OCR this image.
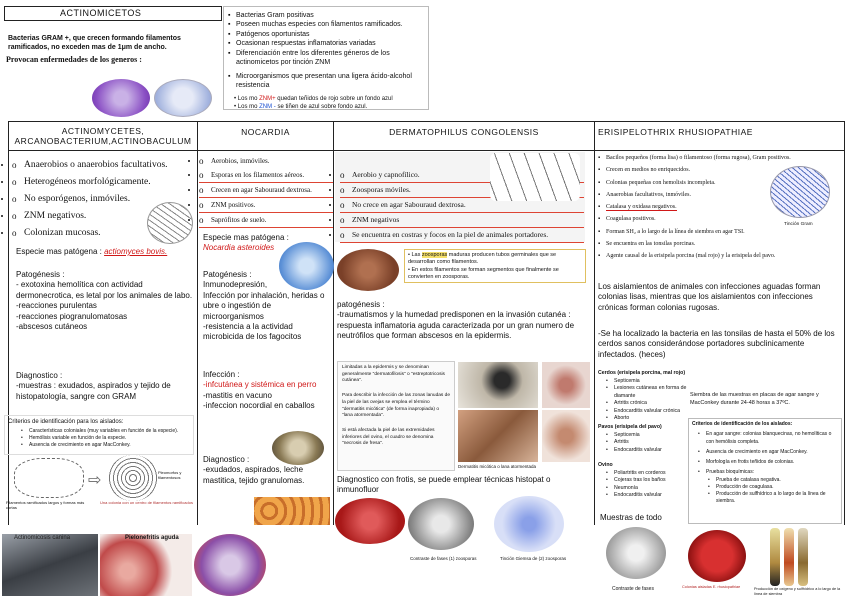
ACTINOMICETOS
Bacterias GRAM +, que crecen formando filamentos ramificados, no exceden mas de 1μm de ancho.
Provocan enfermedades de los generos :
▪ Bacterias Gram positivas
▪ Poseen muchas especies con filamentos ramificados.
▪ Patógenos oportunistas
▪ Ocasionan respuestas inflamatorias variadas
▪ Diferenciación entre los diferentes géneros de los actinomicetos por tinción ZNM
▪ Microorganismos que presentan una ligera ácido-alcohol resistencia
• Los mo ZNM+ quedan teñidos de rojo sobre un fondo azul
• Los mo ZNM - se tiñen de azul sobre fondo azul.
ACTINOMYCETES, ARCANOBACTERIUM,ACTINOBACULUM
NOCARDIA	DERMATOPHILUS CONGOLENSIS	ERISIPELOTHRIX RHUSIOPATHIAE
o • Anaerobios o anaerobios facultativos.
o • Heterogéneos morfológicamente.
o • No esporógenos, inmóviles.
o • ZNM negativos.
o • Colonizan mucosas.
Especie mas patógena : actiomyces bovis.
Patogénesis :
- exotoxina hemolítica con actividad dermonecrotica, es letal por los animales de labo.
-reacciones purulentas
-reacciones piogranulomatosas
-abscesos cutáneos
Diagnostico :
-muestras : exudados, aspirados y tejido de histopatología, sangre con GRAM
Criterios de identificación para los aislados:
• Características coloniales (muy variables en función de la especie).
• Hemólisis variable en función de la especie.
• Ausencia de crecimiento en agar MacConkey.
⇨	Pleomorfos y filamentosos
Filamentos ramificados largos y formas más cortas
Una colonia con un centro de filamentos ramificados
Actinomicosis canina	Pielonefritis aguda
o • Aerobios, inmóviles.
o • Esporas en los filamentos aéreos.
o • Crecen en agar Sabouraud dextrosa.
o • ZNM positivos.
o • Saprófitos de suelo.
Especie mas patógena :
Nocardia asteroides
Patogénesis :
Inmunodepresión,
Infección por inhalación, heridas o ubre o ingestión de microorganismos
-resistencia a la actividad microbicida de los fagocitos
Infección :
-infcutánea y sistémica en perro
-mastitis en vacuno
-infeccion nocordial en caballos
Diagnostico :
-exudados, aspirados, leche mastitica, tejido granulomas.
o • Aerobio y capnofílico.
o • Zoosporas móviles.
o • No crece en agar Sabouraud dextrosa.
o • ZNM negativos
o • Se encuentra en costras y focos en la piel de animales portadores.
• Las zoosporas maduras producen tubos germinales que se desarrollan como filamentos.
• En estos filamentos se forman segmentos que finalmente se convierten en zoosporas.
patogénesis :
-traumatismos y la humedad predisponen en la invasión cutanéa : respuesta inflamatoria aguda caracterizada por un gran numero de neutrófilos que forman abscesos en la epidermis.
Limitadas a la epidermis y se denominan generalmente "dermatofilosis" o "estreptotricosis cutánea".
Para describir la infección de las zonas lanudas de la piel de las ovejas se emplea el término "dermatitis micótica" (de forma inapropiada) o "lana atormentada".
Si está afectada la piel de las extremidades inferiores del ovino, el cuadro se denomina "necrosis de fresa".
Dermatitis micótica o lana atormentada
Diagnostico con frotis, se puede emplear técnicas histopat o inmunofluor
Contraste de fases (1) zoosporas	Tinción Giemsa de (2) zoosporas
▪ Bacilos pequeños (forma lisa) o filamentoso (forma rugosa), Gram positivos.
▪ Crecen en medios no enriquecidos.
▪ Colonias pequeñas con hemolisis incompleta.
▪ Anaerobias facultativos, inmóviles.
▪ Catalasa y oxidasa negativos.
▪ Coagulasa positivos.
▪ Forman SH₂ a lo largo de la línea de siembra en agar TSI.
▪ Se encuentra en las tonsilas porcinas.
▪ Agente causal de la erisipela porcina (mal rojo) y la erisipela del pavo.
Tinción Gram
Los aislamientos de animales con infecciones aguadas forman colonias lisas, mientras que los aislamientos con infecciones crónicas forman colonias rugosas.
-Se ha localizado la bacteria en las tonsilas de hasta el 50% de los cerdos sanos considerándose portadores subclinicamente infectados. (heces)
Cerdos (erisipela porcina, mal rojo)
• Septicemia
• Lesiones cutáneas en forma de diamante
• Artritis crónica
• Endocarditis valvular crónica
• Aborto
Siembra de las muestras en placas de agar sangre y MacConkey durante 24-48 horas a 37ºC.
Pavos (erisipela del pavo)
• Septicemia
• Artritis
• Endocarditis valvular
Ovino
• Poliartritis en corderos
• Cojeras tras los baños
• Neumonía
• Endocarditis valvular
Criterios de identificación de los aislados:
• En agar sangre: colonias blanquecinas, no hemolíticas o con hemólisis completa.
• Ausencia de crecimiento en agar MacConkey.
• Morfología en frotis teñidos de colonias.
• Pruebas bioquímicas:
• Prueba de catalasa negativa.
• Producción de coagulasa.
• Producción de sulfhídrico a lo largo de la línea de siembra.
Muestras de todo
Contraste de fases	Colonias aisladas E. rhusiopathiae	Producción de oxígeno y sulfhídrico a lo largo de la línea de siembra
